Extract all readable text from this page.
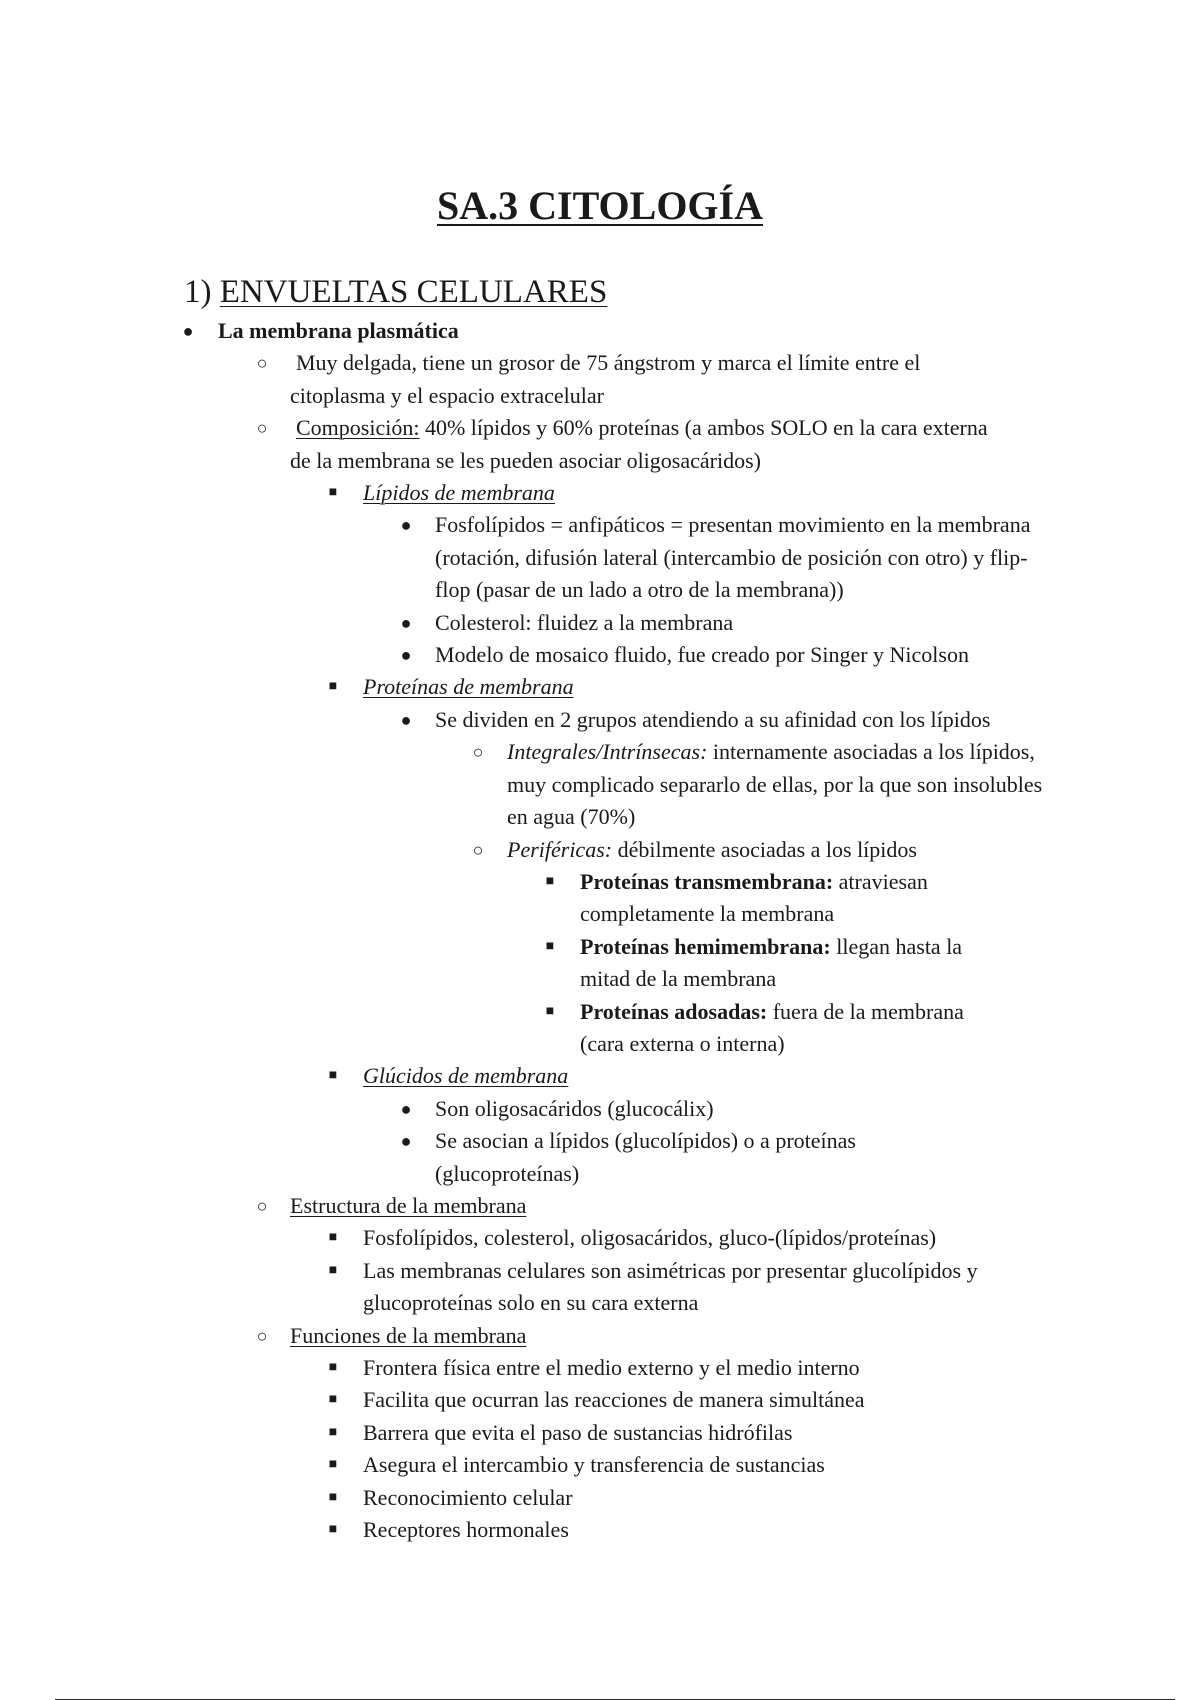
SA.3 CITOLOGÍA
1) ENVUELTAS CELULARES
● La membrana plasmática
○ Muy delgada, tiene un grosor de 75 ángstrom y marca el límite entre el citoplasma y el espacio extracelular
○ Composición: 40% lípidos y 60% proteínas (a ambos SOLO en la cara externa de la membrana se les pueden asociar oligosacáridos)
■ Lípidos de membrana
● Fosfolípidos = anfipáticos = presentan movimiento en la membrana (rotación, difusión lateral (intercambio de posición con otro) y flip-flop (pasar de un lado a otro de la membrana))
● Colesterol: fluidez a la membrana
● Modelo de mosaico fluido, fue creado por Singer y Nicolson
■ Proteínas de membrana
● Se dividen en 2 grupos atendiendo a su afinidad con los lípidos
○ Integrales/Intrínsecas: internamente asociadas a los lípidos, muy complicado separarlo de ellas, por la que son insolubles en agua (70%)
○ Periféricas: débilmente asociadas a los lípidos
■ Proteínas transmembrana: atraviesan completamente la membrana
■ Proteínas hemimembrana: llegan hasta la mitad de la membrana
■ Proteínas adosadas: fuera de la membrana (cara externa o interna)
■ Glúcidos de membrana
● Son oligosacáridos (glucocálix)
● Se asocian a lípidos (glucolípidos) o a proteínas (glucoproteínas)
○ Estructura de la membrana
■ Fosfolípidos, colesterol, oligosacáridos, gluco-(lípidos/proteínas)
■ Las membranas celulares son asimétricas por presentar glucolípidos y glucoproteínas solo en su cara externa
○ Funciones de la membrana
■ Frontera física entre el medio externo y el medio interno
■ Facilita que ocurran las reacciones de manera simultánea
■ Barrera que evita el paso de sustancias hidrófilas
■ Asegura el intercambio y transferencia de sustancias
■ Reconocimiento celular
■ Receptores hormonales
